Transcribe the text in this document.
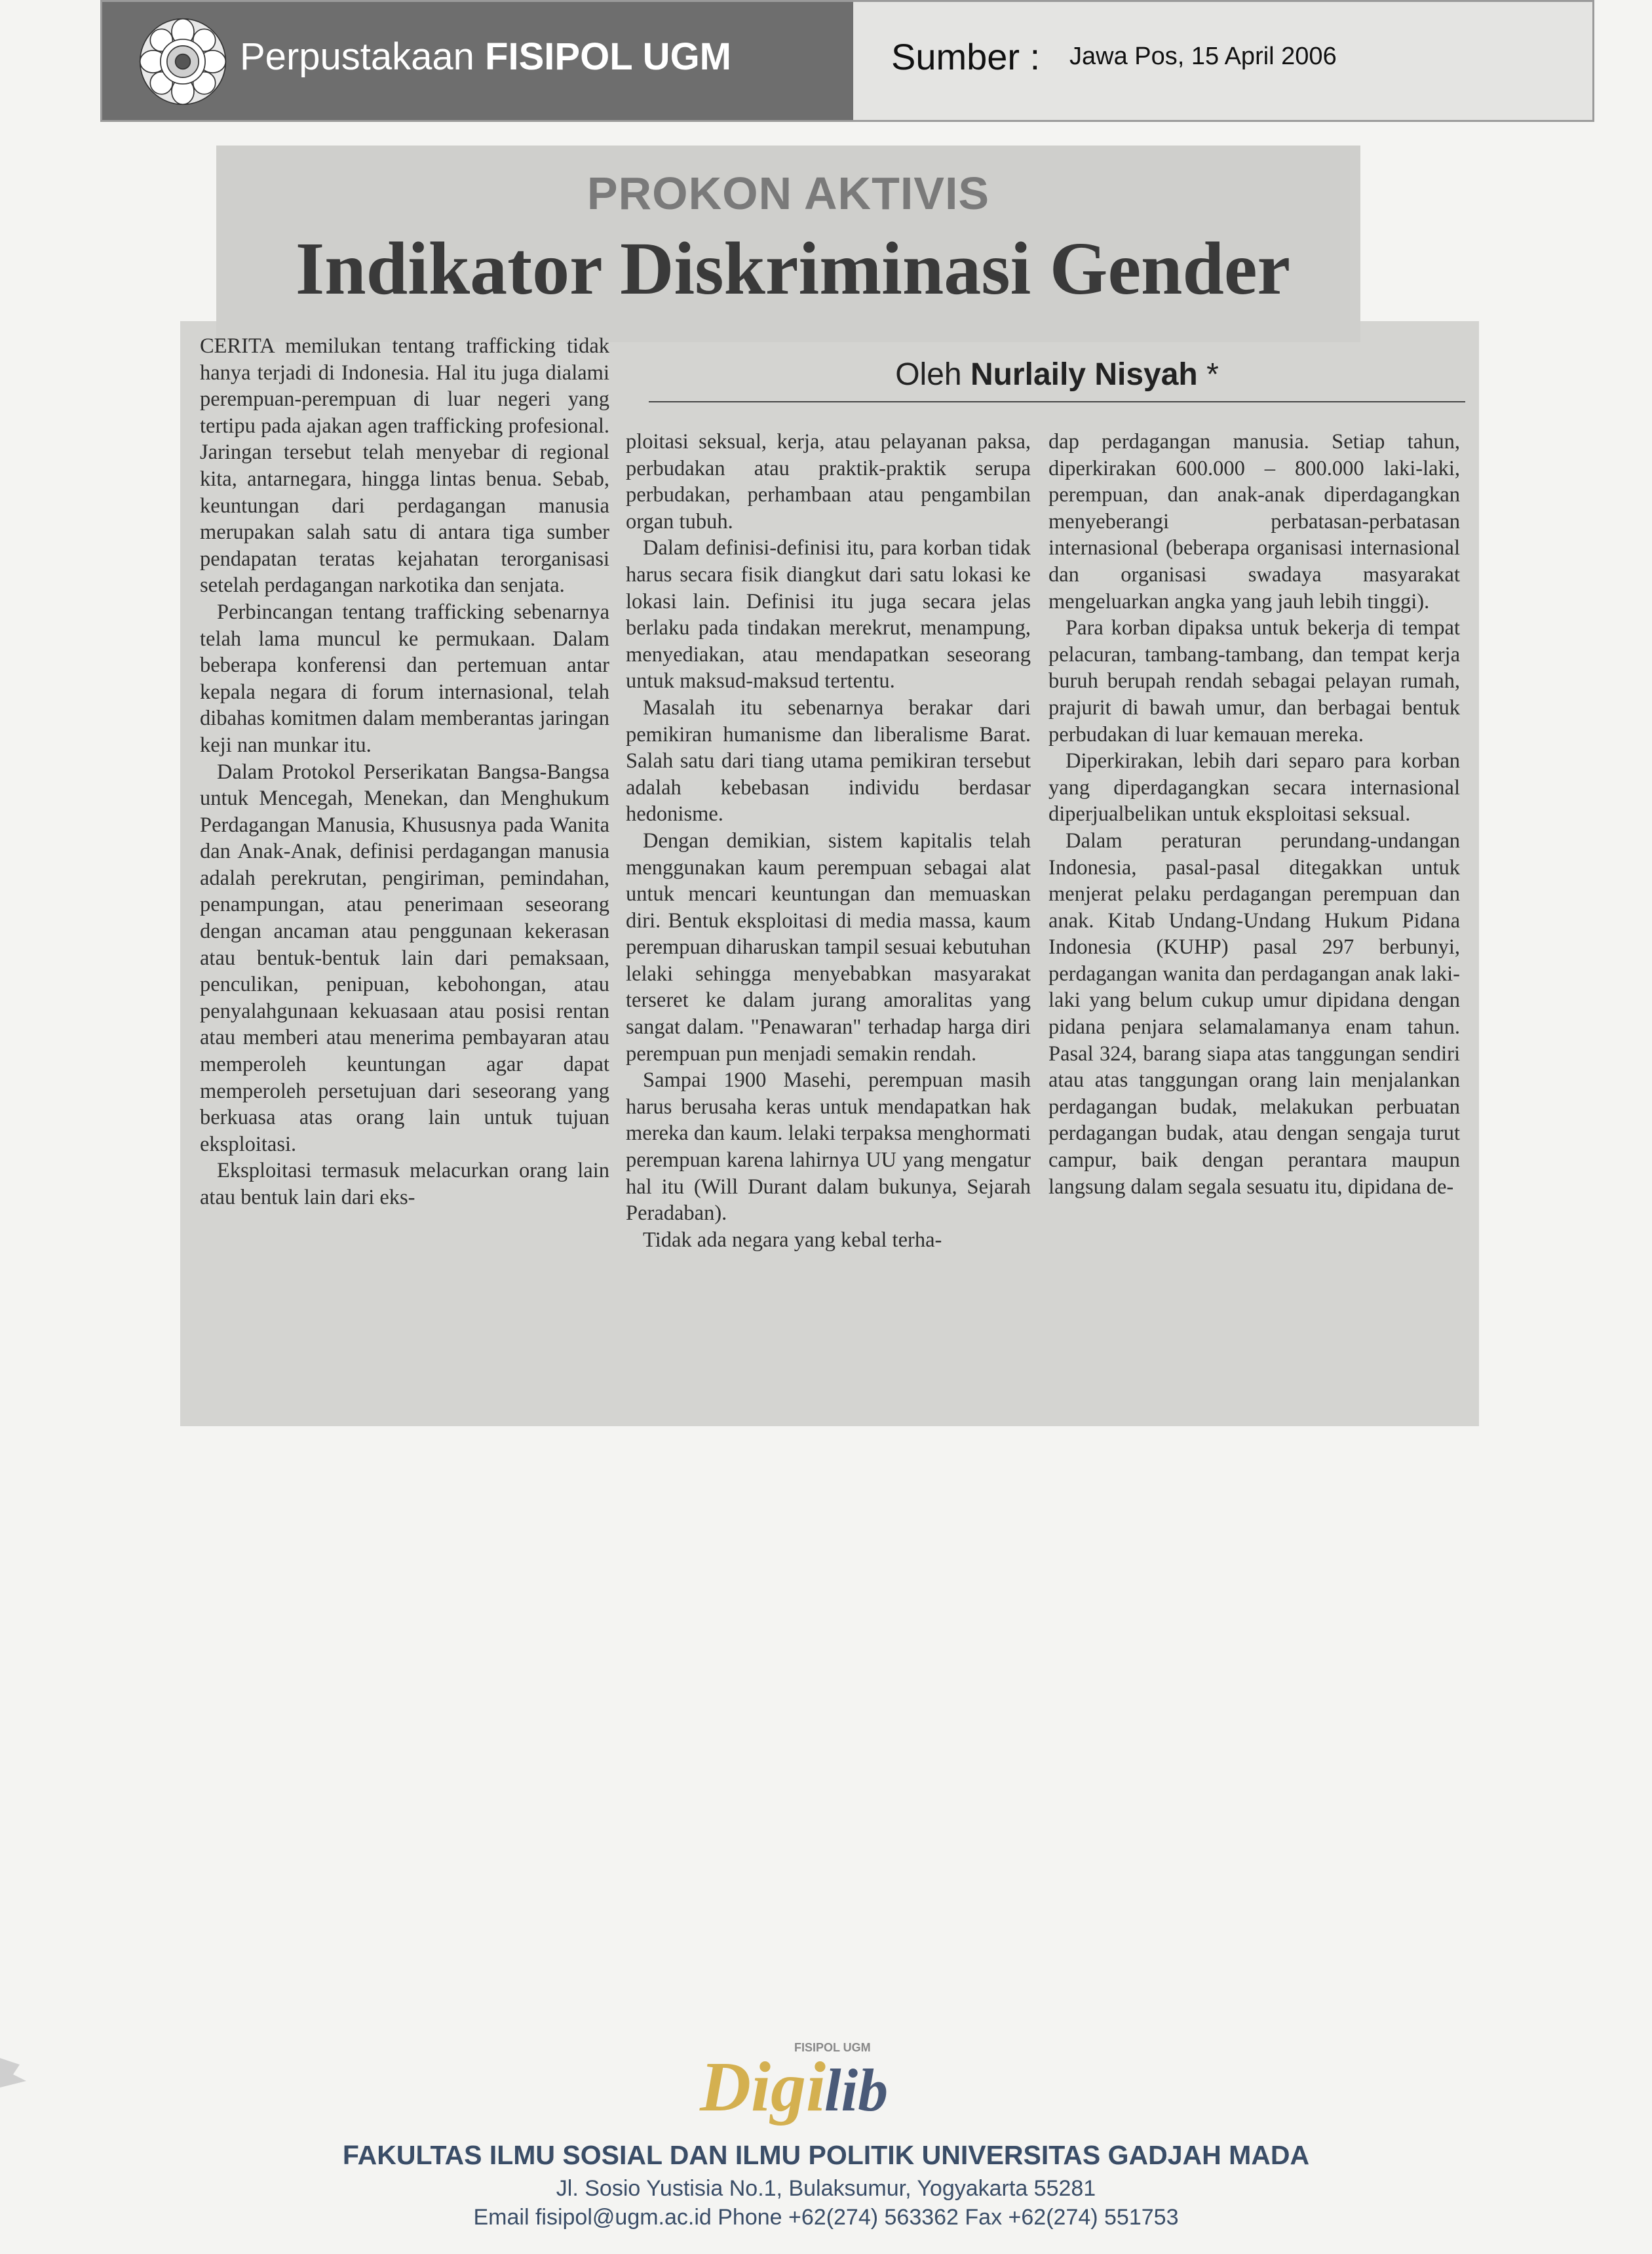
Perpustakaan FISIPOL UGM	Sumber : Jawa Pos, 15 April 2006
PROKON AKTIVIS
Indikator Diskriminasi Gender
Oleh Nurlaily Nisyah *

CERITA memilukan tentang trafficking tidak hanya terjadi di Indonesia. Hal itu juga dialami perempuan-perempuan di luar negeri yang tertipu pada ajakan agen trafficking profesional. Jaringan tersebut telah menyebar di regional kita, antarnegara, hingga lintas benua. Sebab, keuntungan dari perdagangan manusia merupakan salah satu di antara tiga sumber pendapatan teratas kejahatan terorganisasi setelah perdagangan narkotika dan senjata.

Perbincangan tentang trafficking sebenarnya telah lama muncul ke permukaan. Dalam beberapa konferensi dan pertemuan antar kepala negara di forum internasional, telah dibahas komitmen dalam memberantas jaringan keji nan munkar itu.

Dalam Protokol Perserikatan Bangsa-Bangsa untuk Mencegah, Menekan, dan Menghukum Perdagangan Manusia, Khususnya pada Wanita dan Anak-Anak, definisi perdagangan manusia adalah perekrutan, pengiriman, pemindahan, penampungan, atau penerimaan seseorang dengan ancaman atau penggunaan kekerasan atau bentuk-bentuk lain dari pemaksaan, penculikan, penipuan, kebohongan, atau penyalahgunaan kekuasaan atau posisi rentan atau memberi atau menerima pembayaran atau memperoleh keuntungan agar dapat memperoleh persetujuan dari seseorang yang berkuasa atas orang lain untuk tujuan eksploitasi.

Eksploitasi termasuk melacurkan orang lain atau bentuk lain dari eks-

ploitasi seksual, kerja, atau pelayanan paksa, perbudakan atau praktik-praktik serupa perbudakan, perhambaan atau pengambilan organ tubuh.

Dalam definisi-definisi itu, para korban tidak harus secara fisik diangkut dari satu lokasi ke lokasi lain. Definisi itu juga secara jelas berlaku pada tindakan merekrut, menampung, menyediakan, atau mendapatkan seseorang untuk maksud-maksud tertentu.

Masalah itu sebenarnya berakar dari pemikiran humanisme dan liberalisme Barat. Salah satu dari tiang utama pemikiran tersebut adalah kebebasan individu berdasar hedonisme.

Dengan demikian, sistem kapitalis telah menggunakan kaum perempuan sebagai alat untuk mencari keuntungan dan memuaskan diri. Bentuk eksploitasi di media massa, kaum perempuan diharuskan tampil sesuai kebutuhan lelaki sehingga menyebabkan masyarakat terseret ke dalam jurang amoralitas yang sangat dalam. "Penawaran" terhadap harga diri perempuan pun menjadi semakin rendah.

Sampai 1900 Masehi, perempuan masih harus berusaha keras untuk mendapatkan hak mereka dan kaum. lelaki terpaksa menghormati perempuan karena lahirnya UU yang mengatur hal itu (Will Durant dalam bukunya, Sejarah Peradaban).

Tidak ada negara yang kebal terha-

dap perdagangan manusia. Setiap tahun, diperkirakan 600.000 – 800.000 laki-laki, perempuan, dan anak-anak diperdagangkan menyeberangi perbatasan-perbatasan internasional (beberapa organisasi internasional dan organisasi swadaya masyarakat mengeluarkan angka yang jauh lebih tinggi).

Para korban dipaksa untuk bekerja di tempat pelacuran, tambang-tambang, dan tempat kerja buruh berupah rendah sebagai pelayan rumah, prajurit di bawah umur, dan berbagai bentuk perbudakan di luar kemauan mereka.

Diperkirakan, lebih dari separo para korban yang diperdagangkan secara internasional diperjualbelikan untuk eksploitasi seksual.

Dalam peraturan perundang-undangan Indonesia, pasal-pasal ditegakkan untuk menjerat pelaku perdagangan perempuan dan anak. Kitab Undang-Undang Hukum Pidana Indonesia (KUHP) pasal 297 berbunyi, perdagangan wanita dan perdagangan anak laki-laki yang belum cukup umur dipidana dengan pidana penjara selamalamanya enam tahun. Pasal 324, barang siapa atas tanggungan sendiri atau atas tanggungan orang lain menjalankan perdagangan budak, melakukan perbuatan perdagangan budak, atau dengan sengaja turut campur, baik dengan perantara maupun langsung dalam segala sesuatu itu, dipidana de-

FISIPOL UGM
Digi
lib
FAKULTAS ILMU SOSIAL DAN ILMU POLITIK UNIVERSITAS GADJAH MADA
Jl. Sosio Yustisia No.1, Bulaksumur, Yogyakarta 55281
Email fisipol@ugm.ac.id Phone +62(274) 563362 Fax +62(274) 551753
